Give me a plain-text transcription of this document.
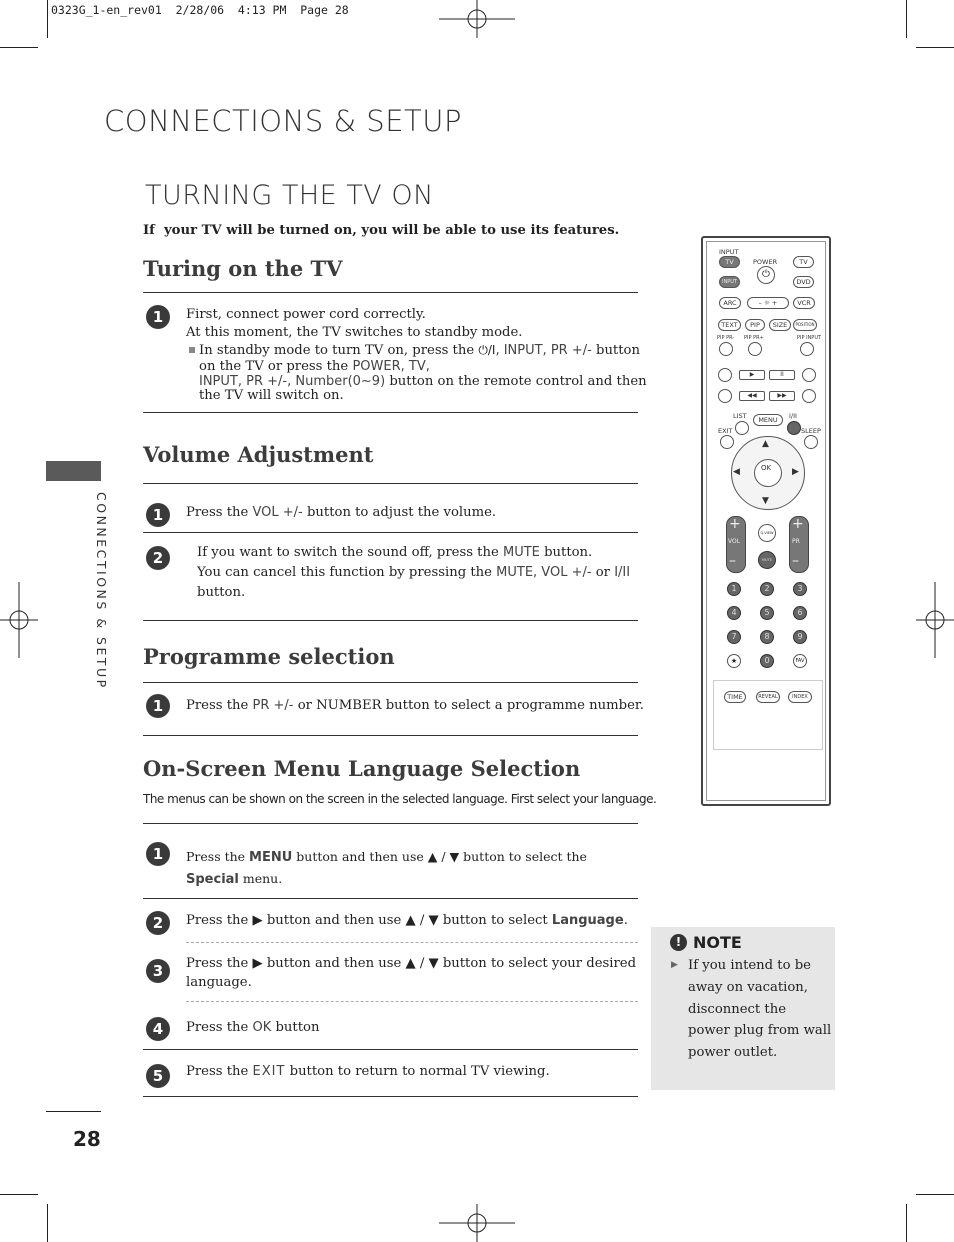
0323G_1-en_rev01  2/28/06  4:13 PM  Page 28
CONNECTIONS & SETUP
CONNECTIONS & SETUP
TURNING THE TV ON
If  your TV will be turned on, you will be able to use its features.
Turing on the TV
1	First, connect power cord correctly.
At this moment, the TV switches to standby mode.
In standby mode to turn TV on, press the ⏻/I, INPUT, PR +/- button
on the TV or press the POWER, TV,
INPUT, PR +/-, Number(0~9) button on the remote control and then
the TV will switch on.
Volume Adjustment
1	Press the VOL +/- button to adjust the volume.
2	If you want to switch the sound off, press the MUTE button.
You can cancel this function by pressing the MUTE, VOL +/- or I/II
button.
Programme selection
1	Press the PR +/- or NUMBER button to select a programme number.
On-Screen Menu Language Selection
The menus can be shown on the screen in the selected language. First select your language.
1	Press the MENU button and then use ▲ / ▼ button to select the
Special menu.
2	Press the ▶ button and then use ▲ / ▼ button to select Language.
3	Press the ▶ button and then use ▲ / ▼ button to select your desired
language.
4	Press the OK button
5	Press the EXIT button to return to normal TV viewing.
! NOTE
▶ If you intend to be
away on vacation,
disconnect the
power plug from wall
power outlet.
28
INPUT
POWER
TV
⏻
TV
INPUT	DVD
ARC	– ☼ +	VCR
TEXT	PIP	SIZE	POSITION
PIP PR- PIP PR+	PIP INPUT
▶	II
◀◀	▶▶
LIST	MENU	I/II
EXIT	SLEEP
▲
▼
◀	▶
OK
+
VOL
–
+
PR
–
Q.VIEW
MUTE
1	2	3
4	5	6
7	8	9
★	0	FAV
TIME	REVEAL	INDEX
